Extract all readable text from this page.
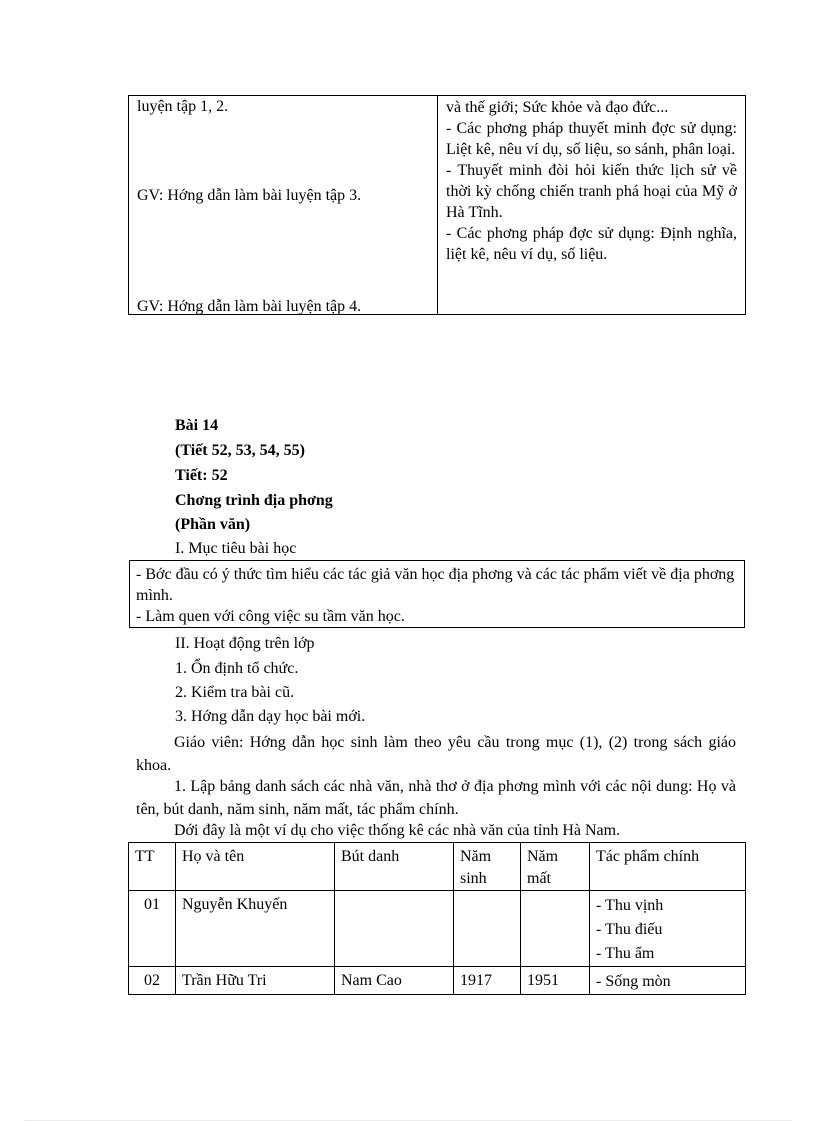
luyện tập 1, 2.
GV: Hớng dẫn làm bài luyện tập 3.
GV: Hớng dẫn làm bài luyện tập 4.

và thế giới; Sức khỏe và đạo đức...

- Các phơng pháp thuyết minh đợc sử dụng: Liệt kê, nêu ví dụ, số liệu, so sánh, phân loại.

- Thuyết minh đòi hỏi kiến thức lịch sử về thời kỳ chống chiến tranh phá hoại của Mỹ ở Hà Tĩnh.

- Các phơng pháp đợc sử dụng: Định nghĩa, liệt kê, nêu ví dụ, số liệu.

Bài 14
(Tiết 52, 53, 54, 55)
Tiết: 52
Chơng trình địa phơng
(Phần văn)
I. Mục tiêu bài học

- Bớc đầu có ý thức tìm hiểu các tác giả văn học địa phơng và các tác phẩm viết về địa phơng mình.

- Làm quen với công việc su tầm văn học.

II. Hoạt động trên lớp
1. Ổn định tổ chức.
2. Kiểm tra bài cũ.
3. Hớng dẫn dạy học bài mới.
Giáo viên: Hớng dẫn học sinh làm theo yêu cầu trong mục (1), (2) trong sách giáo khoa.
1. Lập bảng danh sách các nhà văn, nhà thơ ở địa phơng mình với các nội dung: Họ và tên, bút danh, năm sinh, năm mất, tác phẩm chính.
Dới đây là một ví dụ cho việc thống kê các nhà văn của tỉnh Hà Nam.
TT	Họ và tên	Bút danh	Năm sinh	Năm mất	Tác phẩm chính
01	Nguyễn Khuyến				- Thu vịnh
- Thu điếu
- Thu ẩm

02	Trần Hữu Tri	Nam Cao	1917	1951	- Sống mòn
